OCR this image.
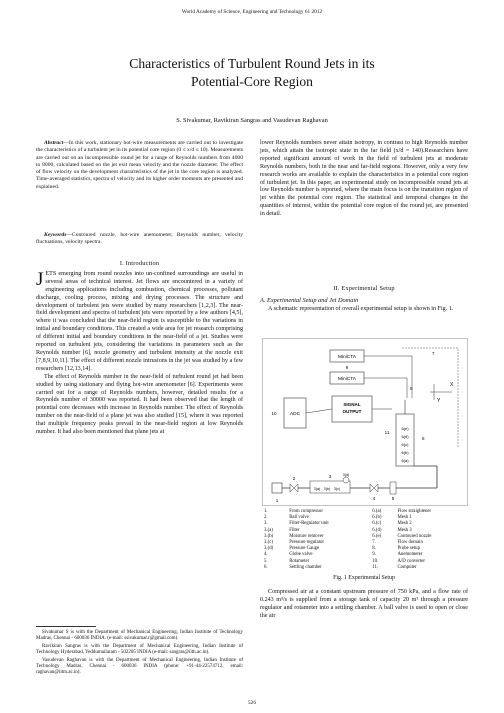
World Academy of Science, Engineering and Technology 61 2012
Characteristics of Turbulent Round Jets in its
Potential-Core Region
S. Sivakumar, Ravikiran Sangras and Vasudevan Raghavan

Abstract—In this work, stationary hot-wire measurements are carried out to investigate the characteristics of a turbulent jet in its potential core region (0 ≤ x/d ≤ 10). Measurements are carried out on an incompressible round jet for a range of Reynolds numbers from 4000 to 8000, calculated based on the jet exit mean velocity and the nozzle diameter. The effect of flow velocity on the development characteristics of the jet in the core region is analyzed. Time-averaged statistics, spectra of velocity and its higher order moments are presented and explained.

Keywords—Contoured nozzle, hot-wire anemometer, Reynolds number, velocity fluctuations, velocity spectra.

I. Introduction

JETS emerging from round nozzles into un-confined surroundings are useful in several areas of technical interest. Jet flows are encountered in a variety of engineering applications including combustion, chemical processes, pollutant discharge, cooling process, mixing and drying processes. The structure and development of turbulent jets were studied by many researchers [1,2,3]. The near-field development and spectra of turbulent jets were reported by a few authors [4,5], where it was concluded that the near-field region is susceptible to the variations in initial and boundary conditions. This created a wide area for jet research comprising of different initial and boundary conditions in the near-field of a jet. Studies were reported on turbulent jets, considering the variations in parameters such as the Reynolds number [6], nozzle geometry and turbulent intensity at the nozzle exit [7,8,9,10,11]. The effect of different nozzle intrusions in the jet was studied by a few researchers [12,13,14].

The effect of Reynolds number in the near-field of turbulent round jet had been studied by using stationary and flying hot-wire anemometer [6]. Experiments were carried out for a range of Reynolds numbers, however, detailed results for a Reynolds number of 30000 was reported. It had been observed that the length of potential core decreases with increase in Reynolds number. The effect of Reynolds number on the near-field of a plane jet was also studied [15], where it was reported that multiple frequency peaks prevail in the near-field region at low Reynolds number. It had also been mentioned that plane jets at

Sivakumar S is with the Department of Mechanical Engineering, Indian Institute of Technology Madras, Chennai - 600036 INDIA. (e-mail: ssivakumar.r@gmail.com).

Ravikiran Sangras is with the Department of Mechanical Engineering, Indian Institute of Technology Hyderabad, Yeddumailaram - 502205 INDIA (e-mail: sangras@iith.ac.in).

Vasudevan Raghavan is with the Department of Mechanical Engineering, Indian Institute of Technology Madras, Chennai - 600036 INDIA (phone: +91-44-22574712, email: raghavan@iitm.ac.in).

lower Reynolds numbers never attain isotropy, in contrast to high Reynolds number jets, which attain the isotropic state in the far field (x/d = 140).Researchers have reported significant amount of work in the field of turbulent jets at moderate Reynolds numbers, both in the near and far-field regions. However, only a very few research works are available to explain the characteristics in a potential core region of turbulent jet. In this paper, an experimental study on incompressible round jets at low Reynolds number is reported, where the main focus is on the transition region of jet within the potential core region. The statistical and temporal changes in the quantities of interest, within the potential core region of the round jet, are presented in detail.

II. Experimental Setup
A. Experimental Setup and Jet Domain

A schematic representation of overall experimental setup is shown in Fig. 1.

MiniCTA
MiniCTA
9
ADC
10
SIGNAL
OUTPUT
11
7
8
X
Y
6(e)
6(d)
6(c)
6(b)
6(a)
6
1
2	3
3(a) 3(b) 3(c)
3(d)
4	5
1.	From compressor	6.(a)	Flow straightener
2.	Ball valve	6.(b)	Mesh 1
3.	Filter-Regulator unit	6.(c)	Mesh 2
3.(a)	Filter	6.(d)	Mesh 3
3.(b)	Moisture remover	6.(e)	Contoured nozzle
3.(c)	Pressure regulator	7.	Flow domain
3.(d)	Pressure Gauge	8.	Probe setup
4.	Globe valve	9.	Anemometer
5.	Rotameter	10.	A/D converter
6.	Settling chamber	11.	Computer
Fig. 1 Experimental Setup

Compressed air at a constant upstream pressure of 750 kPa, and a flow rate of 0.243 m³/s is supplied from a storage tank of capacity 20 m³ through a pressure regulator and rotameter into a settling chamber. A ball valve is used to open or close the air

526
